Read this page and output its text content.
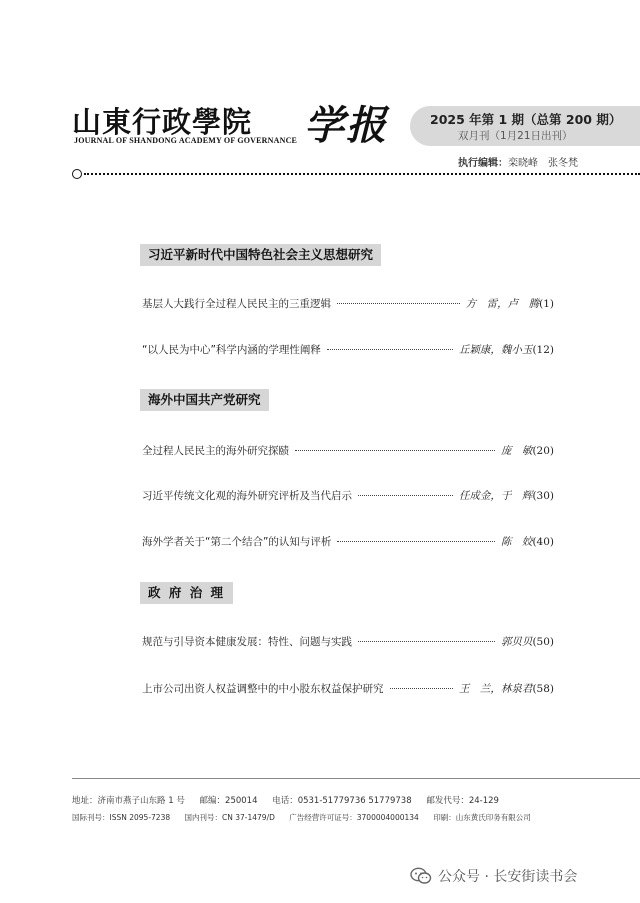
山東行政學院 学报
JOURNAL OF SHANDONG ACADEMY OF GOVERNANCE
2025 年第 1 期（总第 200 期）
双月刊（1月21日出刊）
执行编辑：栾晓峰　张冬梵
习近平新时代中国特色社会主义思想研究
基层人大践行全过程人民民主的三重逻辑	方　雷，卢　腾 (1)
“以人民为中心”科学内涵的学理性阐释	丘颖康，魏小玉 (12)
海外中国共产党研究
全过程人民民主的海外研究探赜	庞　敏 (20)
习近平传统文化观的海外研究评析及当代启示	任成金，于　辉 (30)
海外学者关于“第二个结合”的认知与评析	陈　姣 (40)
政 府 治 理
规范与引导资本健康发展：特性、问题与实践	郭贝贝 (50)
上市公司出资人权益调整中的中小股东权益保护研究	王　兰，林泉君 (58)
地址：济南市燕子山东路 1 号 邮编：250014 电话：0531-51779736 51779738 邮发代号：24-129
国际刊号：ISSN 2095-7238 国内刊号：CN 37-1479/D 广告经营许可证号：3700004000134 印刷：山东黄氏印务有限公司
公众号 · 长安街读书会
